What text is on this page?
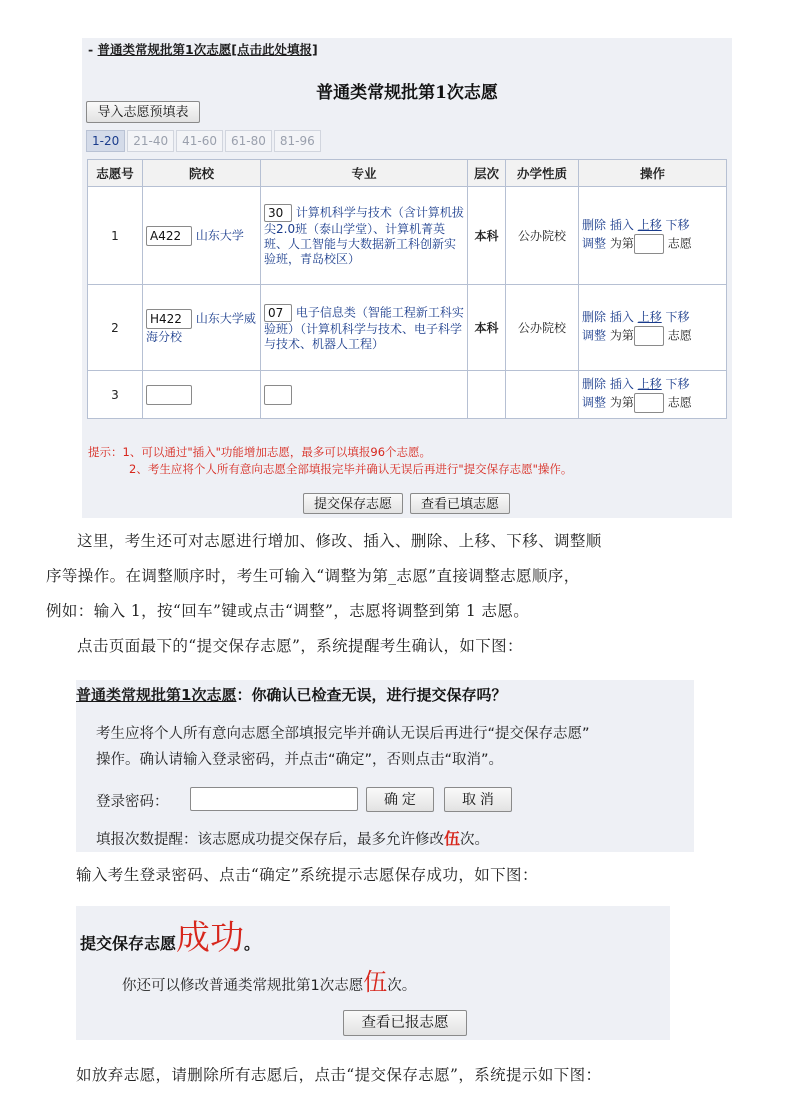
- 普通类常规批第1次志愿[点击此处填报]
普通类常规批第1次志愿
导入志愿预填表
1-20	21-40	41-60	61-80	81-96
志愿号	院校	专业	层次	办学性质	操作
1	A422 山东大学	30 计算机科学与技术（含计算机拔尖2.0班（泰山学堂）、计算机菁英班、人工智能与大数据新工科创新实验班，青岛校区）	本科	公办院校	删除 插入 上移 下移
调整 为第 志愿
2	H422 山东大学威海分校	07 电子信息类（智能工程新工科实验班）（计算机科学与技术、电子科学与技术、机器人工程）	本科	公办院校	删除 插入 上移 下移
调整 为第 志愿
3					删除 插入 上移 下移
调整 为第 志愿
提示：1、可以通过"插入"功能增加志愿，最多可以填报96个志愿。
2、考生应将个人所有意向志愿全部填报完毕并确认无误后再进行"提交保存志愿"操作。
提交保存志愿	查看已填志愿
这里，考生还可对志愿进行增加、修改、插入、删除、上移、下移、调整顺
序等操作。在调整顺序时，考生可输入“调整为第_志愿”直接调整志愿顺序，
例如：输入 1，按“回车”键或点击“调整”，志愿将调整到第 1 志愿。
点击页面最下的“提交保存志愿”，系统提醒考生确认，如下图：
普通类常规批第1次志愿：你确认已检查无误，进行提交保存吗？
考生应将个人所有意向志愿全部填报完毕并确认无误后再进行“提交保存志愿”
操作。确认请输入登录密码，并点击“确定”，否则点击“取消”。
登录密码：	确 定	取 消
填报次数提醒：该志愿成功提交保存后，最多允许修改伍次。
输入考生登录密码、点击“确定”系统提示志愿保存成功，如下图：
提交保存志愿成功。
你还可以修改普通类常规批第1次志愿伍次。
查看已报志愿
如放弃志愿，请删除所有志愿后，点击“提交保存志愿”，系统提示如下图：
